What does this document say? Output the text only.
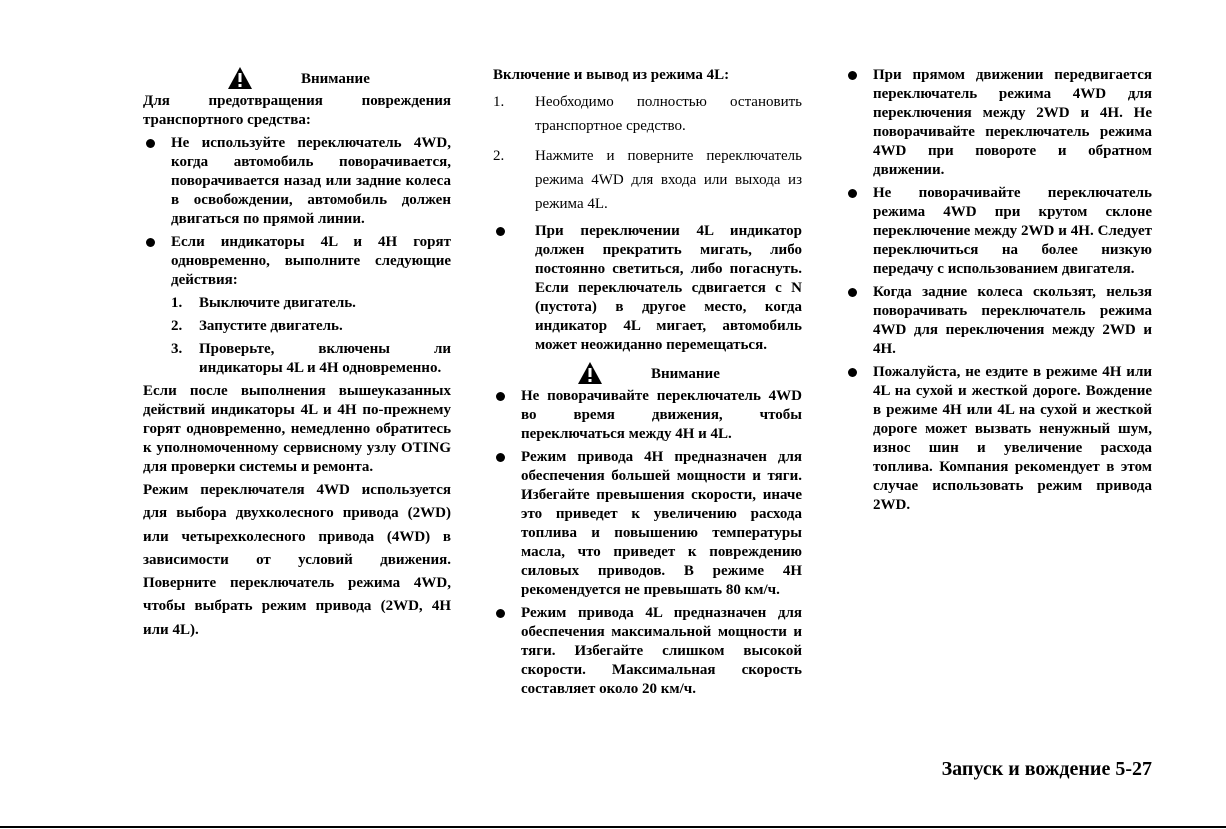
Внимание
Для предотвращения повреждения транспортного средства:
Не используйте переключатель 4WD, когда автомобиль поворачивается, поворачивается назад или задние колеса в освобождении, автомобиль должен двигаться по прямой линии.
Если индикаторы 4L и 4H горят одновременно, выполните следующие действия:
1. Выключите двигатель.
2. Запустите двигатель.
3. Проверьте, включены ли индикаторы 4L и 4H одновременно.
Если после выполнения вышеуказанных действий индикаторы 4L и 4H по-прежнему горят одновременно, немедленно обратитесь к уполномоченному сервисному узлу OTING для проверки системы и ремонта.
Режим переключателя 4WD используется для выбора двухколесного привода (2WD) или четырехколесного привода (4WD) в зависимости от условий движения. Поверните переключатель режима 4WD, чтобы выбрать режим привода (2WD, 4H или 4L).
Включение и вывод из режима 4L:
1. Необходимо полностью остановить транспортное средство.
2. Нажмите и поверните переключатель режима 4WD для входа или выхода из режима 4L.
При переключении 4L индикатор должен прекратить мигать, либо постоянно светиться, либо погаснуть. Если переключатель сдвигается с N (пустота) в другое место, когда индикатор 4L мигает, автомобиль может неожиданно перемещаться.
Внимание
Не поворачивайте переключатель 4WD во время движения, чтобы переключаться между 4H и 4L.
Режим привода 4H предназначен для обеспечения большей мощности и тяги. Избегайте превышения скорости, иначе это приведет к увеличению расхода топлива и повышению температуры масла, что приведет к повреждению силовых приводов. В режиме 4H рекомендуется не превышать 80 км/ч.
Режим привода 4L предназначен для обеспечения максимальной мощности и тяги. Избегайте слишком высокой скорости. Максимальная скорость составляет около 20 км/ч.
При прямом движении передвигается переключатель режима 4WD для переключения между 2WD и 4H. Не поворачивайте переключатель режима 4WD при повороте и обратном движении.
Не поворачивайте переключатель режима 4WD при крутом склоне переключение между 2WD и 4H. Следует переключиться на более низкую передачу с использованием двигателя.
Когда задние колеса скользят, нельзя поворачивать переключатель режима 4WD для переключения между 2WD и 4H.
Пожалуйста, не ездите в режиме 4H или 4L на сухой и жесткой дороге. Вождение в режиме 4H или 4L на сухой и жесткой дороге может вызвать ненужный шум, износ шин и увеличение расхода топлива. Компания рекомендует в этом случае использовать режим привода 2WD.
Запуск и вождение 5-27
